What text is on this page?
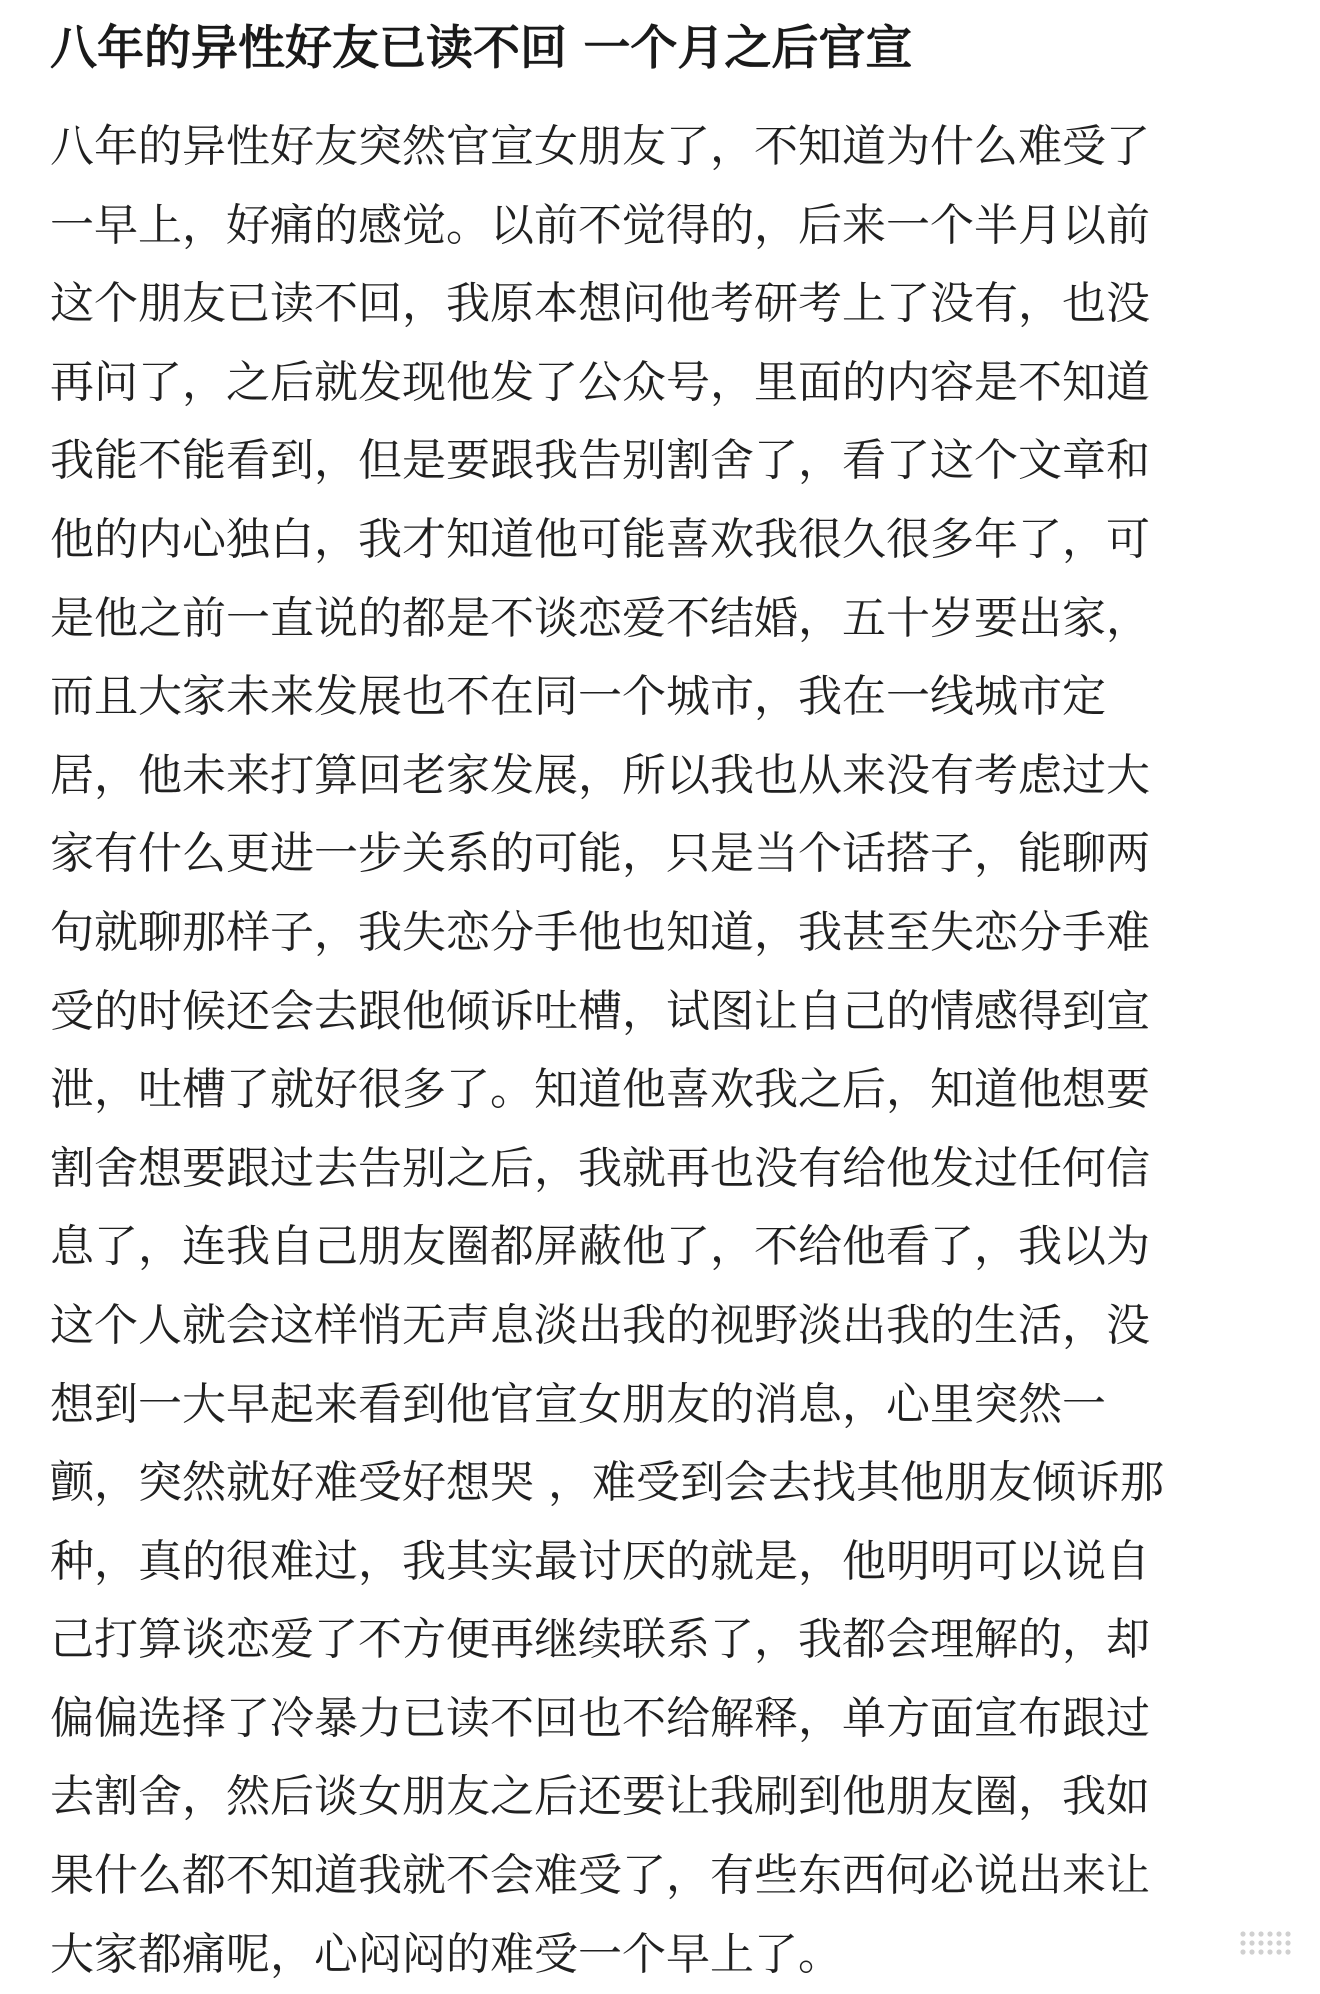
八年的异性好友已读不回 一个月之后官宣
八年的异性好友突然官宣女朋友了，不知道为什么难受了
一早上，好痛的感觉。以前不觉得的，后来一个半月以前
这个朋友已读不回，我原本想问他考研考上了没有，也没
再问了，之后就发现他发了公众号，里面的内容是不知道
我能不能看到，但是要跟我告别割舍了，看了这个文章和
他的内心独白，我才知道他可能喜欢我很久很多年了，可
是他之前一直说的都是不谈恋爱不结婚，五十岁要出家，
而且大家未来发展也不在同一个城市，我在一线城市定
居，他未来打算回老家发展，所以我也从来没有考虑过大
家有什么更进一步关系的可能，只是当个话搭子，能聊两
句就聊那样子，我失恋分手他也知道，我甚至失恋分手难
受的时候还会去跟他倾诉吐槽，试图让自己的情感得到宣
泄，吐槽了就好很多了。知道他喜欢我之后，知道他想要
割舍想要跟过去告别之后，我就再也没有给他发过任何信
息了，连我自己朋友圈都屏蔽他了，不给他看了，我以为
这个人就会这样悄无声息淡出我的视野淡出我的生活，没
想到一大早起来看到他官宣女朋友的消息，心里突然一
颤，突然就好难受好想哭 ，难受到会去找其他朋友倾诉那
种，真的很难过，我其实最讨厌的就是，他明明可以说自
己打算谈恋爱了不方便再继续联系了，我都会理解的，却
偏偏选择了冷暴力已读不回也不给解释，单方面宣布跟过
去割舍，然后谈女朋友之后还要让我刷到他朋友圈，我如
果什么都不知道我就不会难受了，有些东西何必说出来让
大家都痛呢，心闷闷的难受一个早上了。
